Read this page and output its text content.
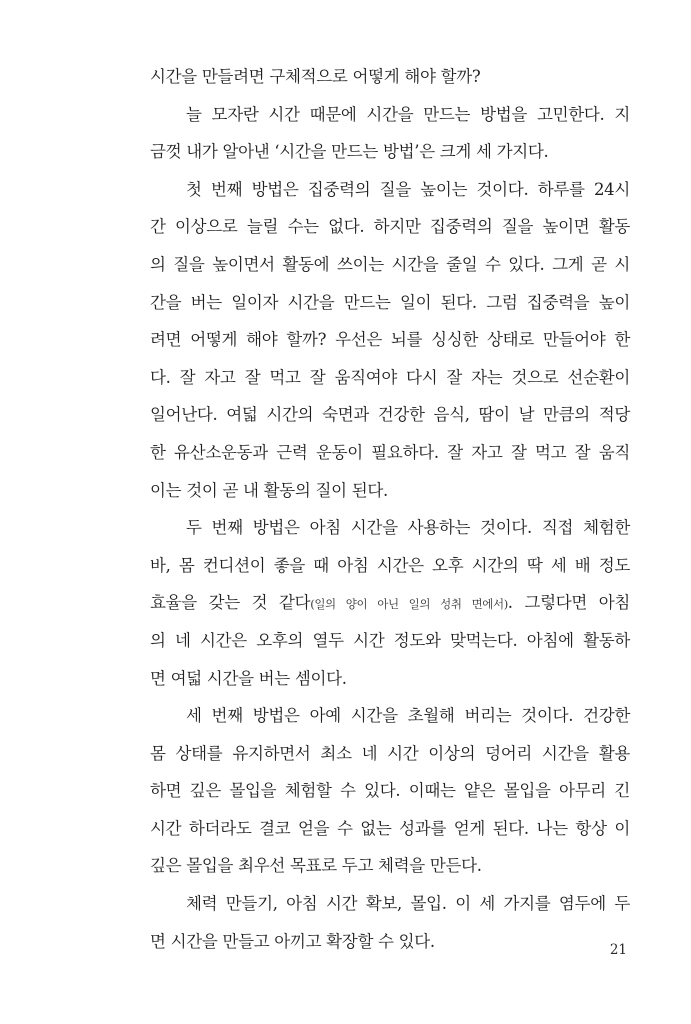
시간을 만들려면 구체적으로 어떻게 해야 할까?
늘 모자란 시간 때문에 시간을 만드는 방법을 고민한다. 지
금껏 내가 알아낸 ‘시간을 만드는 방법’은 크게 세 가지다.
첫 번째 방법은 집중력의 질을 높이는 것이다. 하루를 24시
간 이상으로 늘릴 수는 없다. 하지만 집중력의 질을 높이면 활동
의 질을 높이면서 활동에 쓰이는 시간을 줄일 수 있다. 그게 곧 시
간을 버는 일이자 시간을 만드는 일이 된다. 그럼 집중력을 높이
려면 어떻게 해야 할까? 우선은 뇌를 싱싱한 상태로 만들어야 한
다. 잘 자고 잘 먹고 잘 움직여야 다시 잘 자는 것으로 선순환이
일어난다. 여덟 시간의 숙면과 건강한 음식, 땀이 날 만큼의 적당
한 유산소운동과 근력 운동이 필요하다. 잘 자고 잘 먹고 잘 움직
이는 것이 곧 내 활동의 질이 된다.
두 번째 방법은 아침 시간을 사용하는 것이다. 직접 체험한
바, 몸 컨디션이 좋을 때 아침 시간은 오후 시간의 딱 세 배 정도
효율을 갖는 것 같다(일의 양이 아닌 일의 성취 면에서). 그렇다면 아침
의 네 시간은 오후의 열두 시간 정도와 맞먹는다. 아침에 활동하
면 여덟 시간을 버는 셈이다.
세 번째 방법은 아예 시간을 초월해 버리는 것이다. 건강한
몸 상태를 유지하면서 최소 네 시간 이상의 덩어리 시간을 활용
하면 깊은 몰입을 체험할 수 있다. 이때는 얕은 몰입을 아무리 긴
시간 하더라도 결코 얻을 수 없는 성과를 얻게 된다. 나는 항상 이
깊은 몰입을 최우선 목표로 두고 체력을 만든다.
체력 만들기, 아침 시간 확보, 몰입. 이 세 가지를 염두에 두
면 시간을 만들고 아끼고 확장할 수 있다.	21
